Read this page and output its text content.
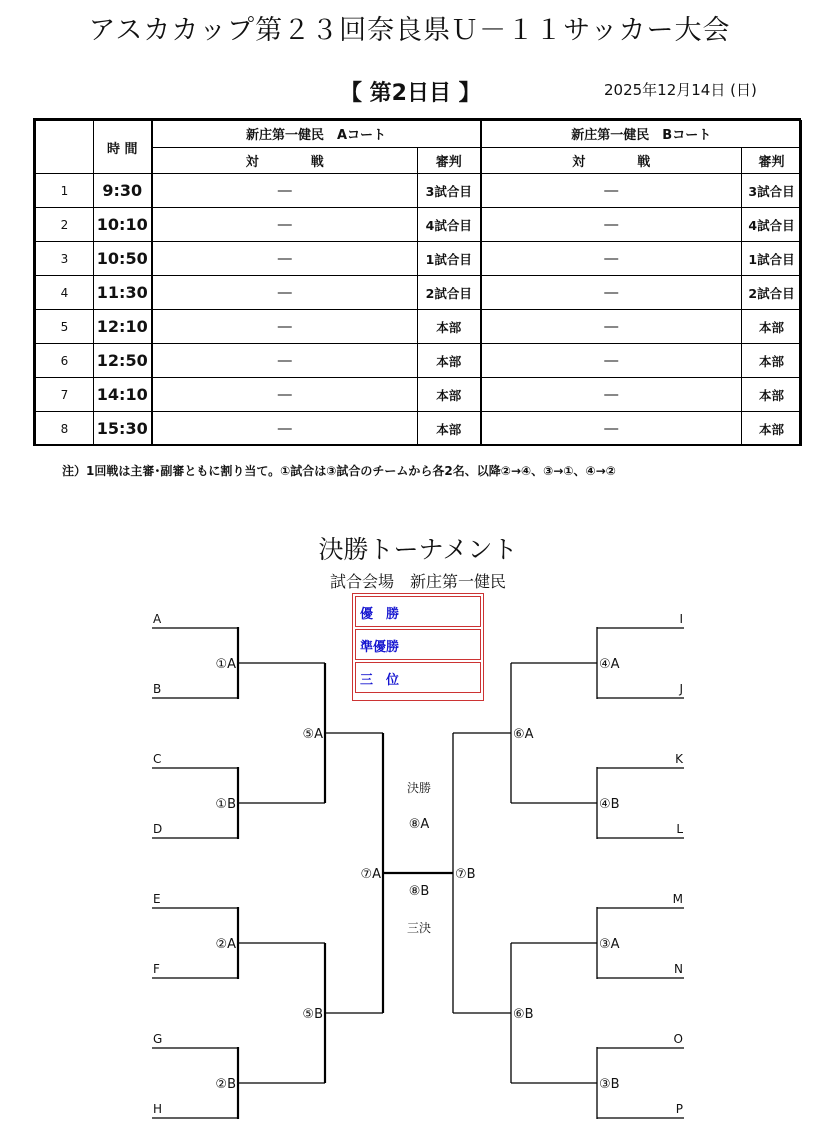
アスカカップ第２３回奈良県Ｕ－１１サッカー大会
【 第2日目 】	2025年12月14日 (日)
	時 間	新庄第一健民　Aコート		新庄第一健民　Bコート	
		対　　　　戦	審判	対　　　　戦	審判
1	9:30	―	3試合目	―	3試合目
2	10:10	―	4試合目	―	4試合目
3	10:50	―	1試合目	―	1試合目
4	11:30	―	2試合目	―	2試合目
5	12:10	―	本部	―	本部
6	12:50	―	本部	―	本部
7	14:10	―	本部	―	本部
8	15:30	―	本部	―	本部
注）1回戦は主審･副審ともに割り当て。①試合は③試合のチームから各2名、以降②→④、③→①、④→②
決勝トーナメント
試合会場　新庄第一健民
優　勝
準優勝
三　位
A
B
C
D
E
F
G
H
I
J
K
L
M
N
O
P
①A
①B
②A
②B
④A
④B
③A
③B
⑤A
⑤B
⑥A
⑥B
⑦A	⑦B
決勝
⑧A
⑧B
三決
